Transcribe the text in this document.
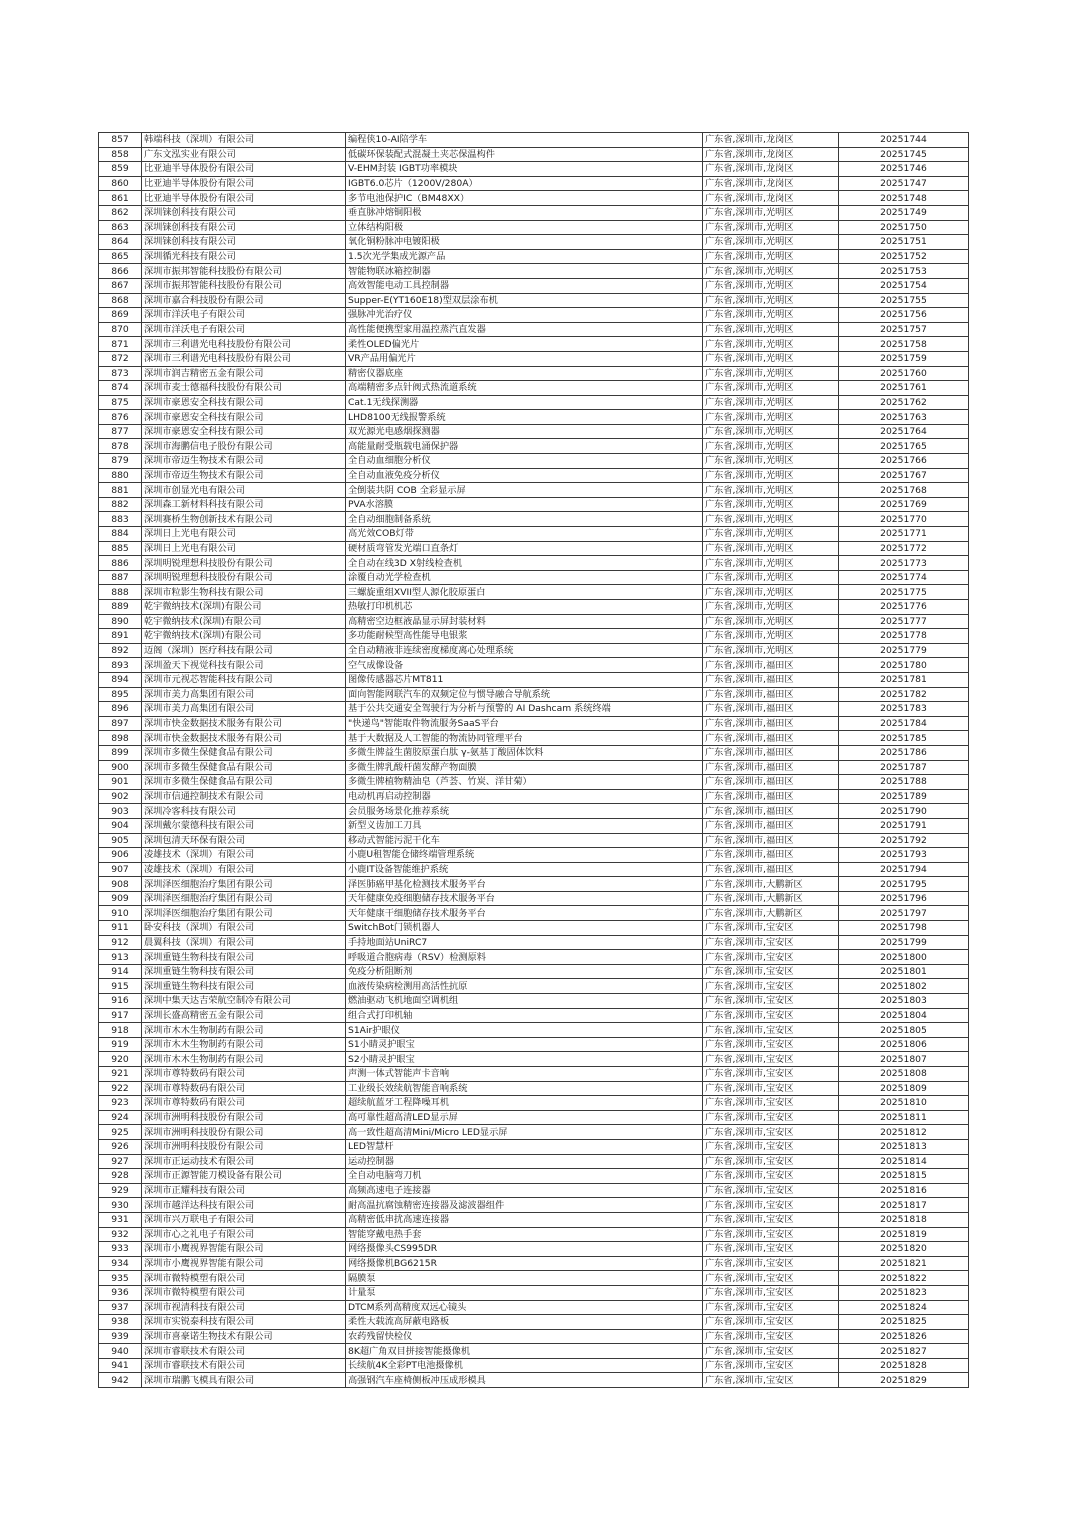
857	韩端科技（深圳）有限公司	编程侠10-AI陪学车	广东省,深圳市,龙岗区	20251744
858	广东文泓实业有限公司	低碳环保装配式混凝土夹芯保温构件	广东省,深圳市,龙岗区	20251745
859	比亚迪半导体股份有限公司	V-EHM封装 IGBT功率模块	广东省,深圳市,龙岗区	20251746
860	比亚迪半导体股份有限公司	IGBT6.0芯片（1200V/280A）	广东省,深圳市,龙岗区	20251747
861	比亚迪半导体股份有限公司	多节电池保护IC（BM48XX）	广东省,深圳市,龙岗区	20251748
862	深圳铼创科技有限公司	垂直脉冲熔铜阳极	广东省,深圳市,光明区	20251749
863	深圳铼创科技有限公司	立体结构阳极	广东省,深圳市,光明区	20251750
864	深圳铼创科技有限公司	氧化铜粉脉冲电镀阳极	广东省,深圳市,光明区	20251751
865	深圳循光科技有限公司	1.5次光学集成光源产品	广东省,深圳市,光明区	20251752
866	深圳市振邦智能科技股份有限公司	智能物联冰箱控制器	广东省,深圳市,光明区	20251753
867	深圳市振邦智能科技股份有限公司	高效智能电动工具控制器	广东省,深圳市,光明区	20251754
868	深圳市嘉合科技股份有限公司	Supper-E(YT160E18)型双层涂布机	广东省,深圳市,光明区	20251755
869	深圳市洋沃电子有限公司	强脉冲光治疗仪	广东省,深圳市,光明区	20251756
870	深圳市洋沃电子有限公司	高性能便携型家用温控蒸汽直发器	广东省,深圳市,光明区	20251757
871	深圳市三利谱光电科技股份有限公司	柔性OLED偏光片	广东省,深圳市,光明区	20251758
872	深圳市三利谱光电科技股份有限公司	VR产品用偏光片	广东省,深圳市,光明区	20251759
873	深圳市润吉精密五金有限公司	精密仪器底座	广东省,深圳市,光明区	20251760
874	深圳市麦士德福科技股份有限公司	高端精密多点针阀式热流道系统	广东省,深圳市,光明区	20251761
875	深圳市豪恩安全科技有限公司	Cat.1无线探测器	广东省,深圳市,光明区	20251762
876	深圳市豪恩安全科技有限公司	LHD8100无线报警系统	广东省,深圳市,光明区	20251763
877	深圳市豪恩安全科技有限公司	双光源光电感烟探测器	广东省,深圳市,光明区	20251764
878	深圳市海鹏信电子股份有限公司	高能量耐受瓶载电涌保护器	广东省,深圳市,光明区	20251765
879	深圳市帝迈生物技术有限公司	全自动血细胞分析仪	广东省,深圳市,光明区	20251766
880	深圳市帝迈生物技术有限公司	全自动血液免疫分析仪	广东省,深圳市,光明区	20251767
881	深圳市创显光电有限公司	全倒装共阴 COB 全彩显示屏	广东省,深圳市,光明区	20251768
882	深圳森工新材料科技有限公司	PVA水溶膜	广东省,深圳市,光明区	20251769
883	深圳赛桥生物创新技术有限公司	全自动细胞制备系统	广东省,深圳市,光明区	20251770
884	深圳日上光电有限公司	高光效COB灯带	广东省,深圳市,光明区	20251771
885	深圳日上光电有限公司	硬材质弯管发光端口直条灯	广东省,深圳市,光明区	20251772
886	深圳明锐理想科技股份有限公司	全自动在线3D X射线检查机	广东省,深圳市,光明区	20251773
887	深圳明锐理想科技股份有限公司	涂覆自动光学检查机	广东省,深圳市,光明区	20251774
888	深圳市粒影生物科技有限公司	三螺旋重组XVII型人源化胶原蛋白	广东省,深圳市,光明区	20251775
889	乾宇微纳技术(深圳)有限公司	热敏打印机机芯	广东省,深圳市,光明区	20251776
890	乾宇微纳技术(深圳)有限公司	高精密空边框液晶显示屏封装材料	广东省,深圳市,光明区	20251777
891	乾宇微纳技术(深圳)有限公司	多功能耐候型高性能导电银浆	广东省,深圳市,光明区	20251778
892	迈阁（深圳）医疗科技有限公司	全自动精液非连续密度梯度离心处理系统	广东省,深圳市,光明区	20251779
893	深圳盈天下视觉科技有限公司	空气成像设备	广东省,深圳市,福田区	20251780
894	深圳市元视芯智能科技有限公司	图像传感器芯片MT811	广东省,深圳市,福田区	20251781
895	深圳市美力高集团有限公司	面向智能网联汽车的双频定位与惯导融合导航系统	广东省,深圳市,福田区	20251782
896	深圳市美力高集团有限公司	基于公共交通安全驾驶行为分析与预警的 AI Dashcam 系统终端	广东省,深圳市,福田区	20251783
897	深圳市快金数据技术服务有限公司	"快递鸟"智能取件物流服务SaaS平台	广东省,深圳市,福田区	20251784
898	深圳市快金数据技术服务有限公司	基于大数据及人工智能的物流协同管理平台	广东省,深圳市,福田区	20251785
899	深圳市多微生保健食品有限公司	多微生牌益生菌胶原蛋白肽 γ-氨基丁酸固体饮料	广东省,深圳市,福田区	20251786
900	深圳市多微生保健食品有限公司	多微生牌乳酸杆菌发酵产物面膜	广东省,深圳市,福田区	20251787
901	深圳市多微生保健食品有限公司	多微生牌植物精油皂（芦荟、竹炭、洋甘菊）	广东省,深圳市,福田区	20251788
902	深圳市信通控制技术有限公司	电动机再启动控制器	广东省,深圳市,福田区	20251789
903	深圳冷客科技有限公司	会员服务场景化推荐系统	广东省,深圳市,福田区	20251790
904	深圳戴尔蒙德科技有限公司	新型义齿加工刀具	广东省,深圳市,福田区	20251791
905	深圳包清天环保有限公司	移动式智能污泥干化车	广东省,深圳市,福田区	20251792
906	凌雄技术（深圳）有限公司	小鹿U租智能仓储终端管理系统	广东省,深圳市,福田区	20251793
907	凌雄技术（深圳）有限公司	小鹿IT设备智能维护系统	广东省,深圳市,福田区	20251794
908	深圳泽医细胞治疗集团有限公司	泽医肺癌甲基化检测技术服务平台	广东省,深圳市,大鹏新区	20251795
909	深圳泽医细胞治疗集团有限公司	天年健康免疫细胞储存技术服务平台	广东省,深圳市,大鹏新区	20251796
910	深圳泽医细胞治疗集团有限公司	天年健康干细胞储存技术服务平台	广东省,深圳市,大鹏新区	20251797
911	卧安科技（深圳）有限公司	SwitchBot门锁机器人	广东省,深圳市,宝安区	20251798
912	晨翼科技（深圳）有限公司	手持地面站UniRC7	广东省,深圳市,宝安区	20251799
913	深圳重链生物科技有限公司	呼吸道合胞病毒（RSV）检测原料	广东省,深圳市,宝安区	20251800
914	深圳重链生物科技有限公司	免疫分析阻断剂	广东省,深圳市,宝安区	20251801
915	深圳重链生物科技有限公司	血液传染病检测用高活性抗原	广东省,深圳市,宝安区	20251802
916	深圳中集天达吉荣航空制冷有限公司	燃油驱动飞机地面空调机组	广东省,深圳市,宝安区	20251803
917	深圳长盛高精密五金有限公司	组合式打印机轴	广东省,深圳市,宝安区	20251804
918	深圳市木木生物制药有限公司	S1Air护眼仪	广东省,深圳市,宝安区	20251805
919	深圳市木木生物制药有限公司	S1小睛灵护眼宝	广东省,深圳市,宝安区	20251806
920	深圳市木木生物制药有限公司	S2小睛灵护眼宝	广东省,深圳市,宝安区	20251807
921	深圳市尊特数码有限公司	声测一体式智能声卡音响	广东省,深圳市,宝安区	20251808
922	深圳市尊特数码有限公司	工业级长效续航智能音响系统	广东省,深圳市,宝安区	20251809
923	深圳市尊特数码有限公司	超续航蓝牙工程降噪耳机	广东省,深圳市,宝安区	20251810
924	深圳市洲明科技股份有限公司	高可靠性超高清LED显示屏	广东省,深圳市,宝安区	20251811
925	深圳市洲明科技股份有限公司	高一致性超高清Mini/Micro LED显示屏	广东省,深圳市,宝安区	20251812
926	深圳市洲明科技股份有限公司	LED智慧杆	广东省,深圳市,宝安区	20251813
927	深圳市正运动技术有限公司	运动控制器	广东省,深圳市,宝安区	20251814
928	深圳市正源智能刀模设备有限公司	全自动电脑弯刀机	广东省,深圳市,宝安区	20251815
929	深圳市正耀科技有限公司	高频高速电子连接器	广东省,深圳市,宝安区	20251816
930	深圳市越洋达科技有限公司	耐高温抗腐蚀精密连接器及滤波器组件	广东省,深圳市,宝安区	20251817
931	深圳市兴万联电子有限公司	高精密低串扰高速连接器	广东省,深圳市,宝安区	20251818
932	深圳市心之礼电子有限公司	智能穿戴电热手套	广东省,深圳市,宝安区	20251819
933	深圳市小鹰视界智能有限公司	网络摄像头CS995DR	广东省,深圳市,宝安区	20251820
934	深圳市小鹰视界智能有限公司	网络摄像机BG6215R	广东省,深圳市,宝安区	20251821
935	深圳市微特模塑有限公司	隔膜泵	广东省,深圳市,宝安区	20251822
936	深圳市微特模塑有限公司	计量泵	广东省,深圳市,宝安区	20251823
937	深圳市视清科技有限公司	DTCM系列高精度双远心镜头	广东省,深圳市,宝安区	20251824
938	深圳市实锐泰科技有限公司	柔性大载流高屏蔽电路板	广东省,深圳市,宝安区	20251825
939	深圳市喜豪诺生物技术有限公司	农药残留快检仪	广东省,深圳市,宝安区	20251826
940	深圳市睿联技术有限公司	8K超广角双目拼接智能摄像机	广东省,深圳市,宝安区	20251827
941	深圳市睿联技术有限公司	长续航4K全彩PT电池摄像机	广东省,深圳市,宝安区	20251828
942	深圳市瑞鹏飞模具有限公司	高强钢汽车座椅侧板冲压成形模具	广东省,深圳市,宝安区	20251829
